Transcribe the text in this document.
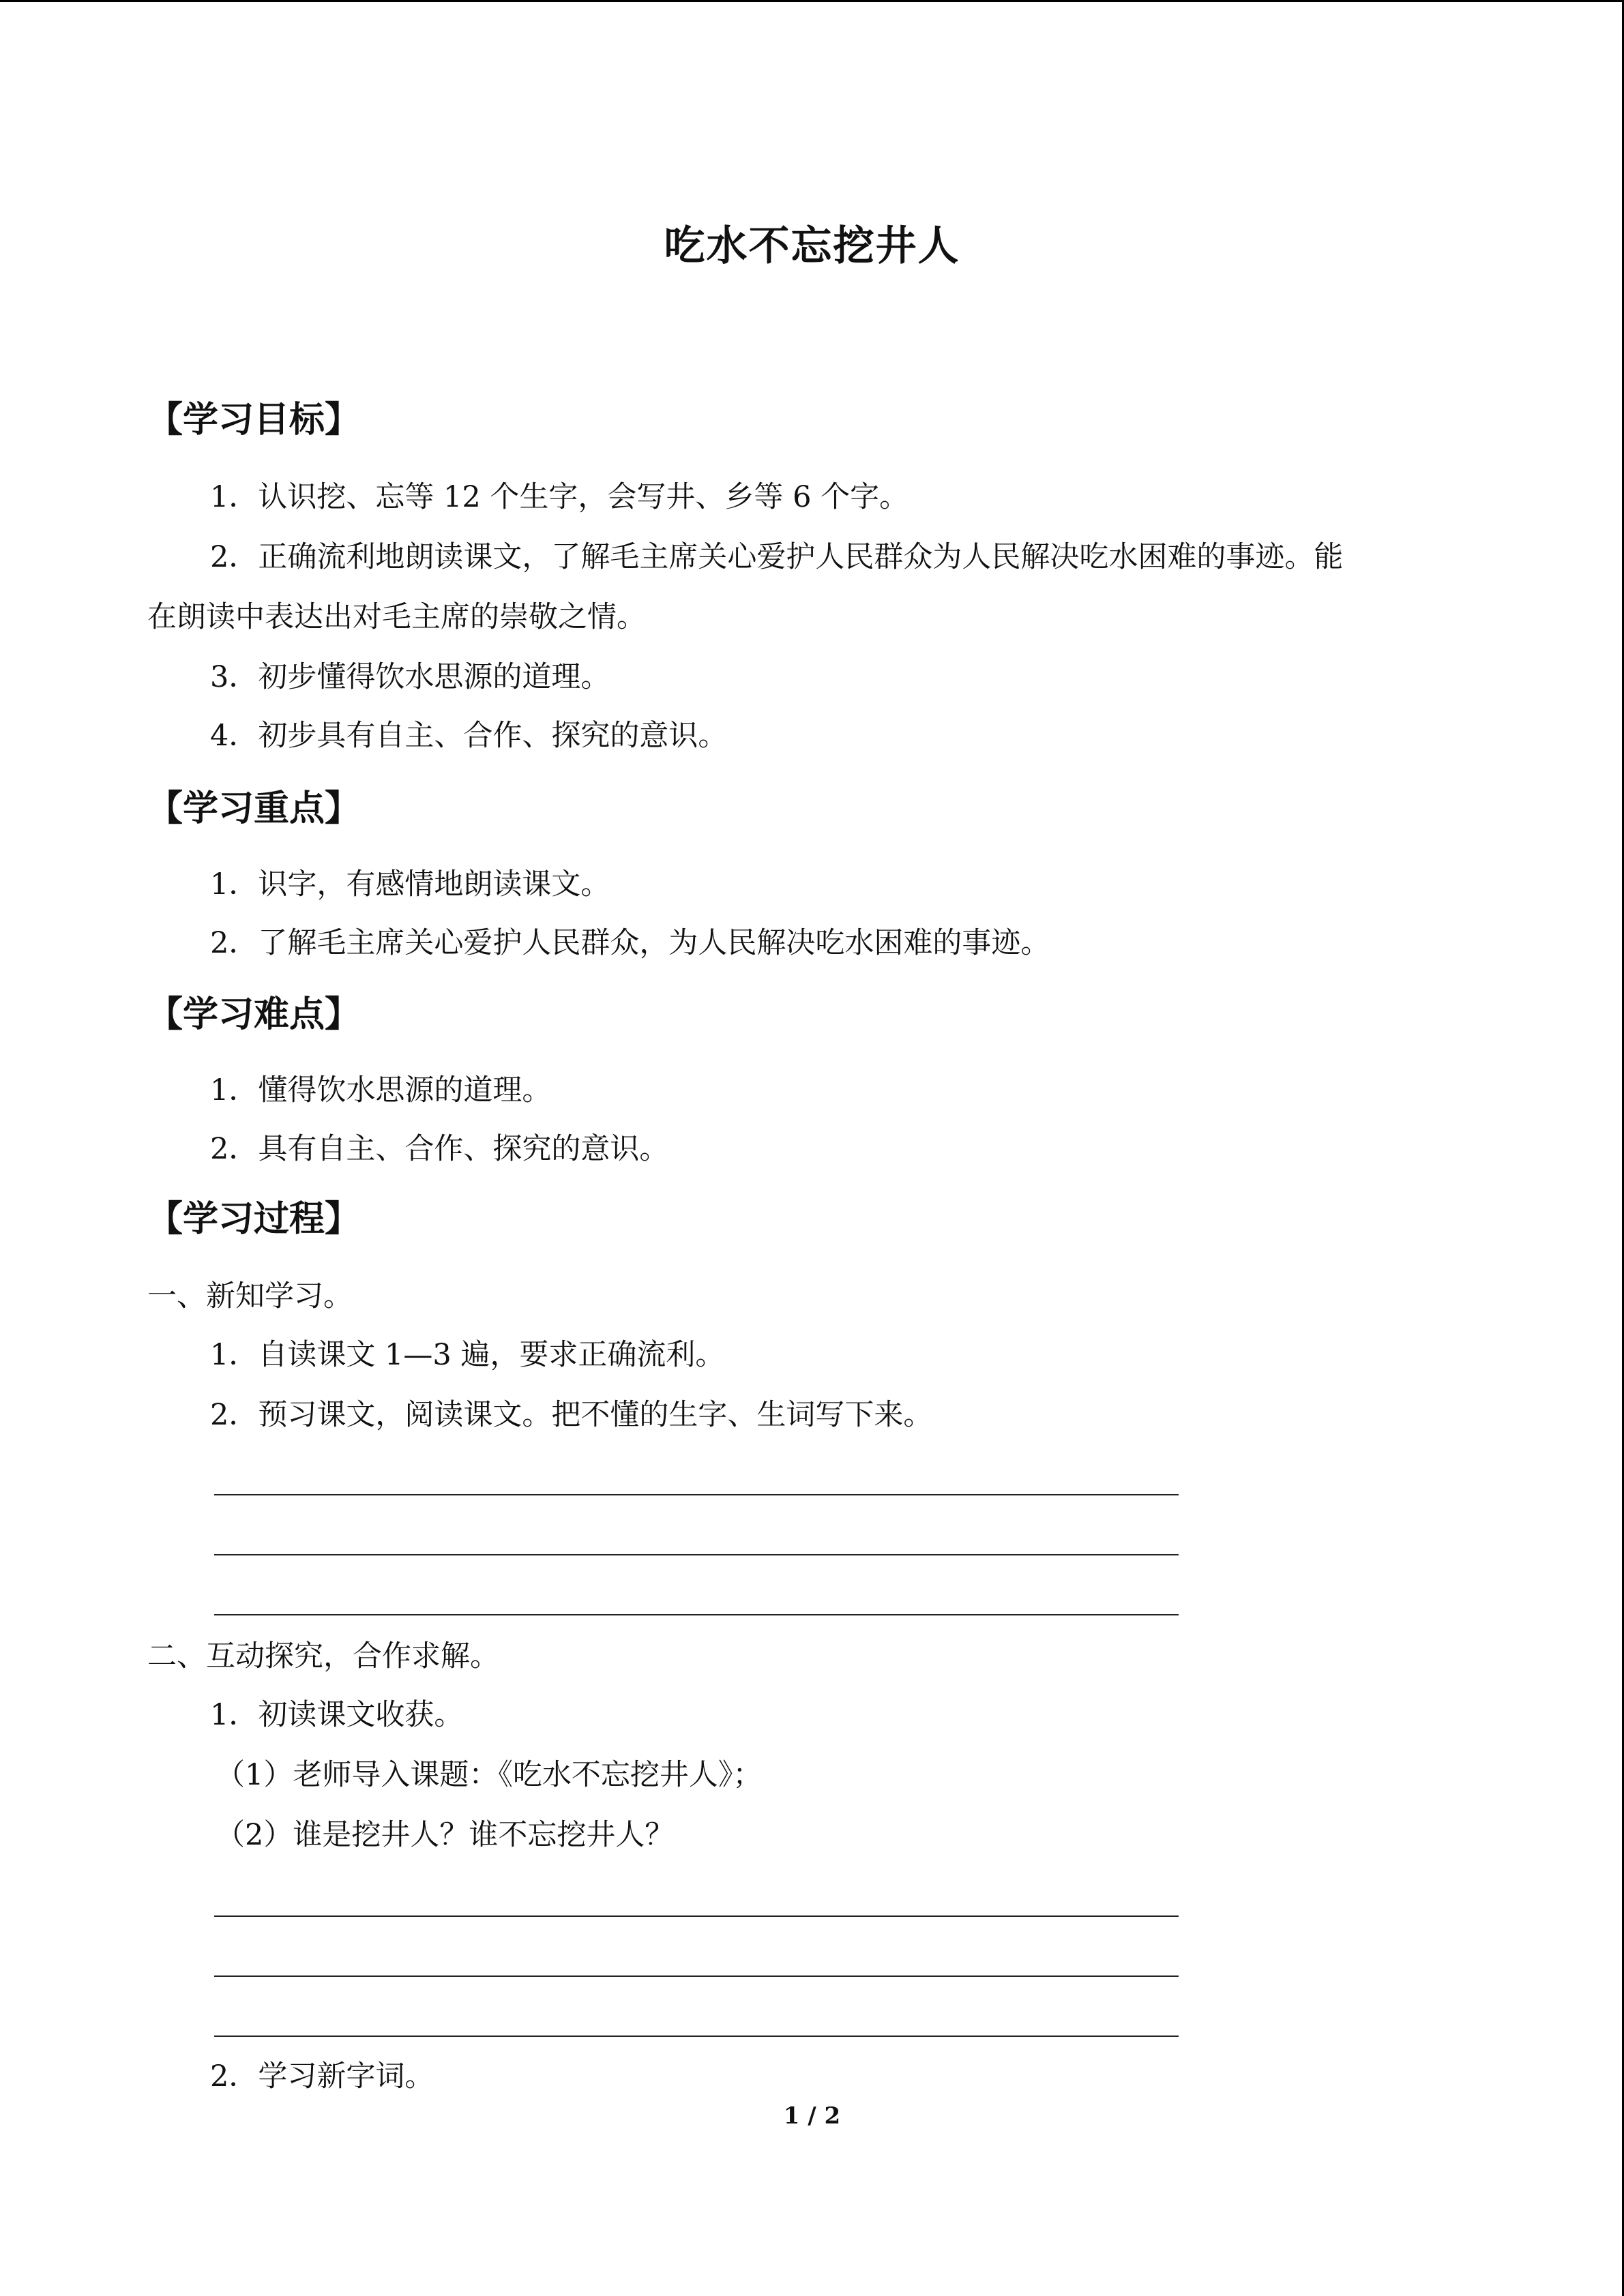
吃水不忘挖井人
【学习目标】
1．认识挖、忘等 12 个生字，会写井、乡等 6 个字。
2．正确流利地朗读课文，了解毛主席关心爱护人民群众为人民解决吃水困难的事迹。能
在朗读中表达出对毛主席的崇敬之情。
3．初步懂得饮水思源的道理。
4．初步具有自主、合作、探究的意识。
【学习重点】
1．识字，有感情地朗读课文。
2．了解毛主席关心爱护人民群众，为人民解决吃水困难的事迹。
【学习难点】
1．懂得饮水思源的道理。
2．具有自主、合作、探究的意识。
【学习过程】
一、新知学习。
1．自读课文 1—3 遍，要求正确流利。
2．预习课文，阅读课文。把不懂的生字、生词写下来。
二、互动探究，合作求解。
1．初读课文收获。
（1）老师导入课题：《吃水不忘挖井人》；
（2）谁是挖井人？谁不忘挖井人？
2．学习新字词。
1 / 2
